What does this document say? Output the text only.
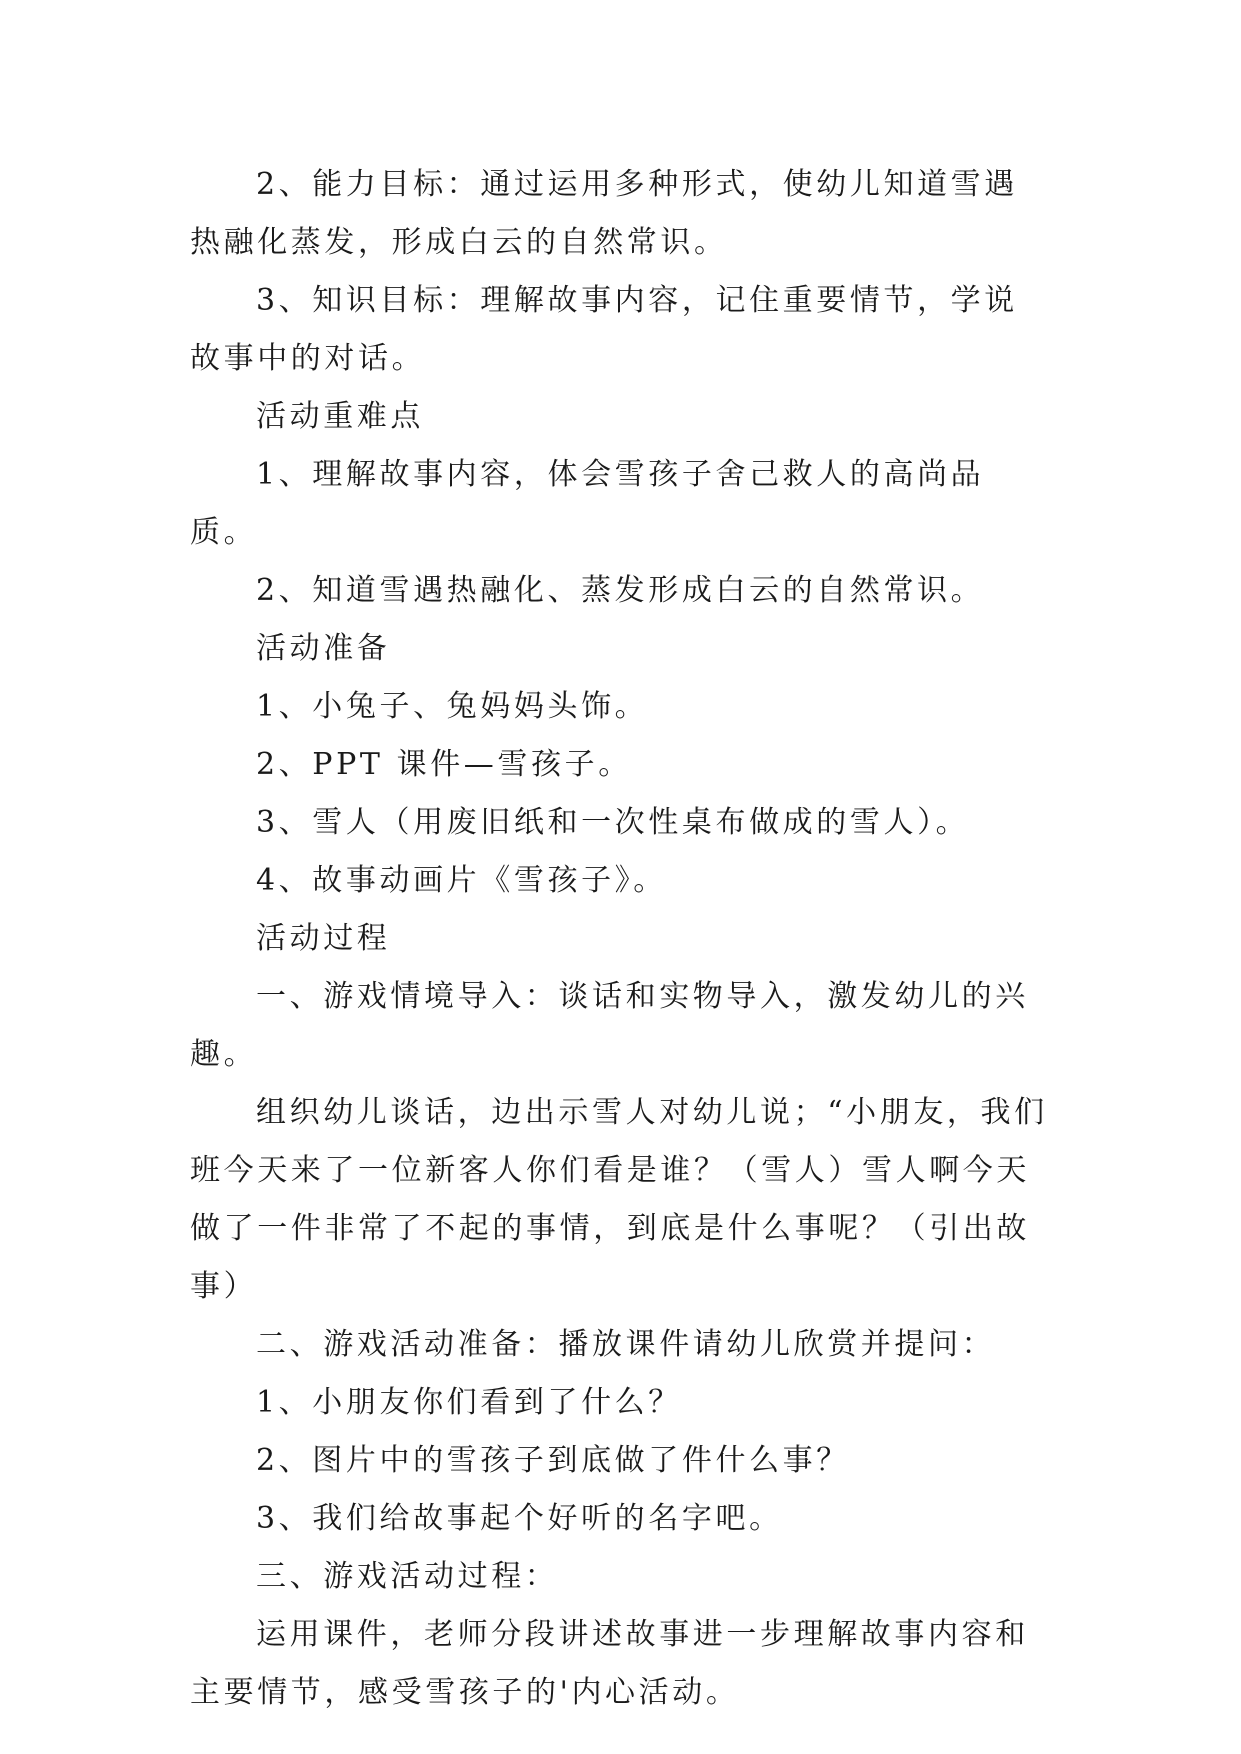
2、能力目标：通过运用多种形式，使幼儿知道雪遇热融化蒸发，形成白云的自然常识。

3、知识目标：理解故事内容，记住重要情节，学说故事中的对话。

活动重难点

1、理解故事内容，体会雪孩子舍己救人的高尚品质。

2、知道雪遇热融化、蒸发形成白云的自然常识。

活动准备

1、小兔子、兔妈妈头饰。

2、PPT 课件—雪孩子。

3、雪人（用废旧纸和一次性桌布做成的雪人）。

4、故事动画片《雪孩子》。

活动过程

一、游戏情境导入：谈话和实物导入，激发幼儿的兴趣。

组织幼儿谈话，边出示雪人对幼儿说；“小朋友，我们班今天来了一位新客人你们看是谁？（雪人）雪人啊今天做了一件非常了不起的事情，到底是什么事呢？（引出故事）

二、游戏活动准备：播放课件请幼儿欣赏并提问：

1、小朋友你们看到了什么？

2、图片中的雪孩子到底做了件什么事？

3、我们给故事起个好听的名字吧。

三、游戏活动过程：

运用课件，老师分段讲述故事进一步理解故事内容和主要情节，感受雪孩子的'内心活动。
